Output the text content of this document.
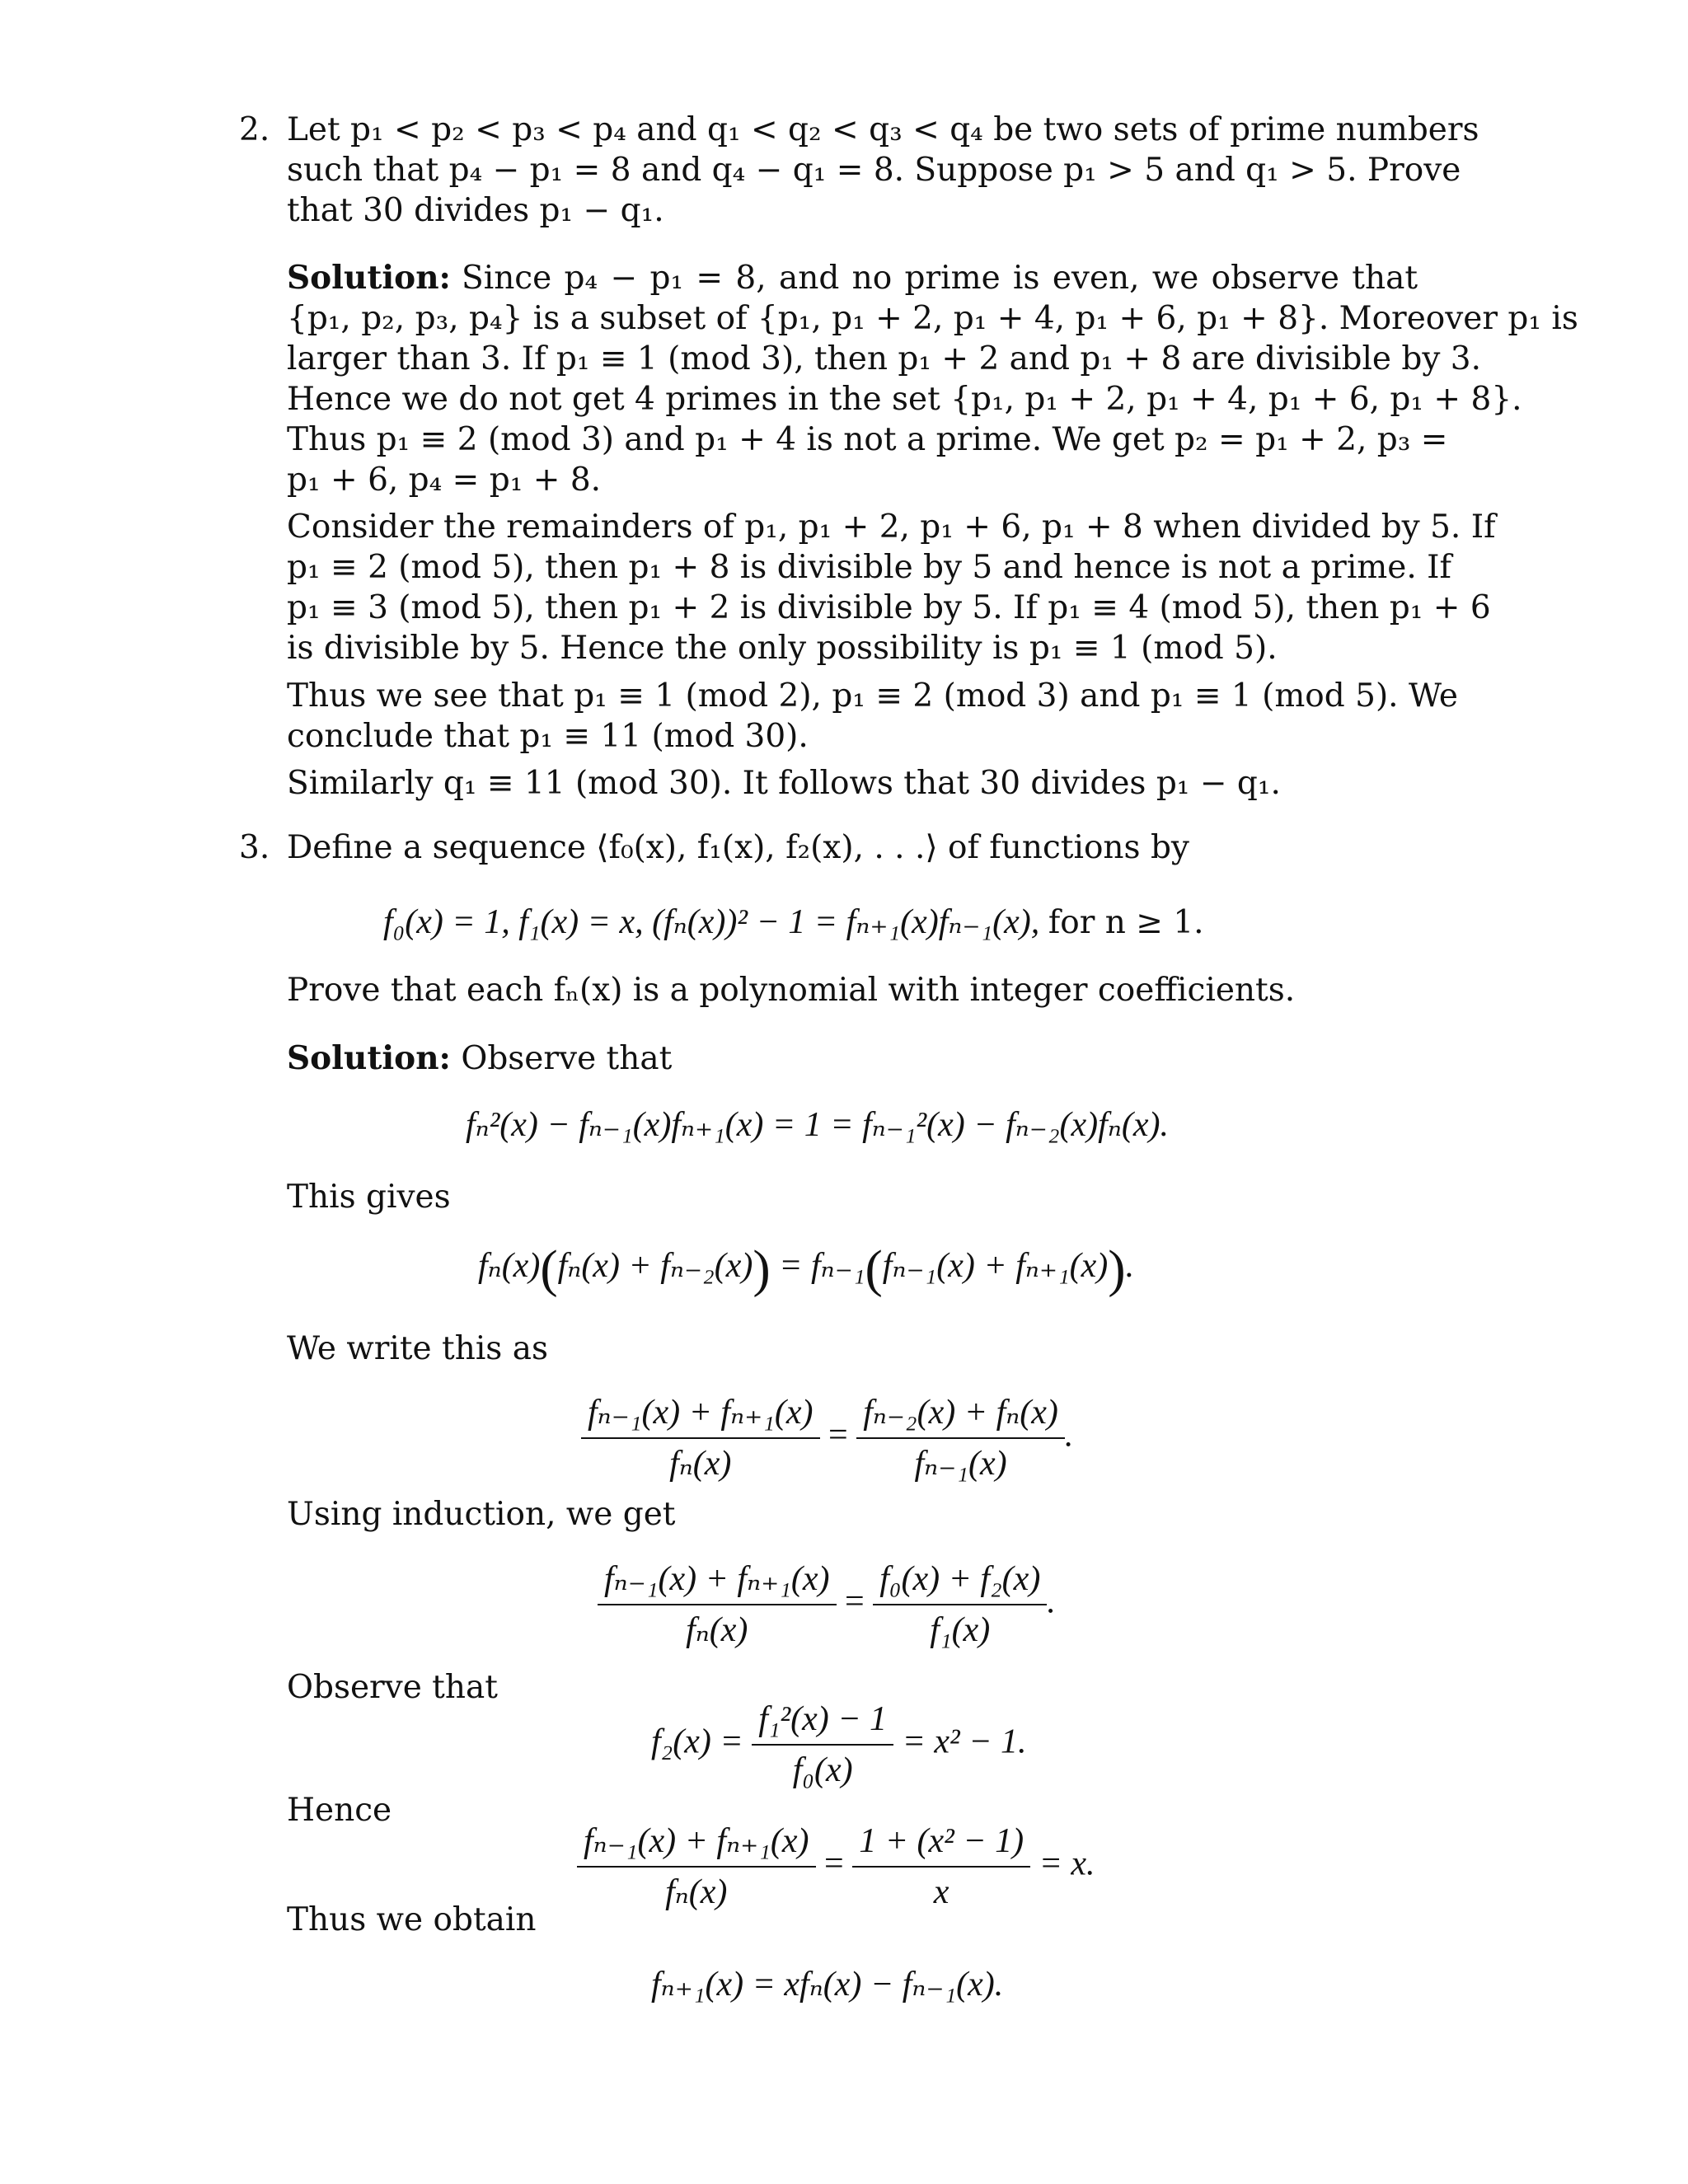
2. Let p₁ < p₂ < p₃ < p₄ and q₁ < q₂ < q₃ < q₄ be two sets of prime numbers

such that p₄ − p₁ = 8 and q₄ − q₁ = 8. Suppose p₁ > 5 and q₁ > 5. Prove

that 30 divides p₁ − q₁.

Solution: Since p₄ − p₁ = 8, and no prime is even, we observe that

{p₁, p₂, p₃, p₄} is a subset of {p₁, p₁ + 2, p₁ + 4, p₁ + 6, p₁ + 8}. Moreover p₁ is

larger than 3. If p₁ ≡ 1 (mod 3), then p₁ + 2 and p₁ + 8 are divisible by 3.

Hence we do not get 4 primes in the set {p₁, p₁ + 2, p₁ + 4, p₁ + 6, p₁ + 8}.

Thus p₁ ≡ 2 (mod 3) and p₁ + 4 is not a prime. We get p₂ = p₁ + 2, p₃ =

p₁ + 6, p₄ = p₁ + 8.

Consider the remainders of p₁, p₁ + 2, p₁ + 6, p₁ + 8 when divided by 5. If

p₁ ≡ 2 (mod 5), then p₁ + 8 is divisible by 5 and hence is not a prime. If

p₁ ≡ 3 (mod 5), then p₁ + 2 is divisible by 5. If p₁ ≡ 4 (mod 5), then p₁ + 6

is divisible by 5. Hence the only possibility is p₁ ≡ 1 (mod 5).

Thus we see that p₁ ≡ 1 (mod 2), p₁ ≡ 2 (mod 3) and p₁ ≡ 1 (mod 5). We

conclude that p₁ ≡ 11 (mod 30).

Similarly q₁ ≡ 11 (mod 30). It follows that 30 divides p₁ − q₁.

3. Define a sequence ⟨f₀(x), f₁(x), f₂(x), . . .⟩ of functions by

f₀(x) = 1, f₁(x) = x, (fₙ(x))² − 1 = fₙ₊₁(x)fₙ₋₁(x), for n ≥ 1.

Prove that each fₙ(x) is a polynomial with integer coefficients.

Solution: Observe that

fₙ²(x) − fₙ₋₁(x)fₙ₊₁(x) = 1 = fₙ₋₁²(x) − fₙ₋₂(x)fₙ(x).

This gives

fₙ(x)(fₙ(x) + fₙ₋₂(x)) = fₙ₋₁(fₙ₋₁(x) + fₙ₊₁(x)).

We write this as

$\frac{\text{fₙ₋₁(x) + fₙ₊₁(x)}}{\text{fₙ(x)}} = \frac{\text{fₙ₋₂(x) + fₙ(x)}}{\text{fₙ₋₁(x)}}$ .

Using induction, we get

$\frac{\text{fₙ₋₁(x) + fₙ₊₁(x)}}{\text{fₙ(x)}} = \frac{\text{f₀(x) + f₂(x)}}{\text{f₁(x)}}$ .

Observe that

$f_2(x) = \frac{\text{f₁²(x) − 1}}{\text{f₀(x)}} = x^2 - 1$.

Hence

$\frac{\text{fₙ₋₁(x) + fₙ₊₁(x)}}{\text{fₙ(x)}} = \frac{\text{1 + (x² − 1)}}{x} = x$.

Thus we obtain

fₙ₊₁(x) = xfₙ(x) − fₙ₋₁(x).
